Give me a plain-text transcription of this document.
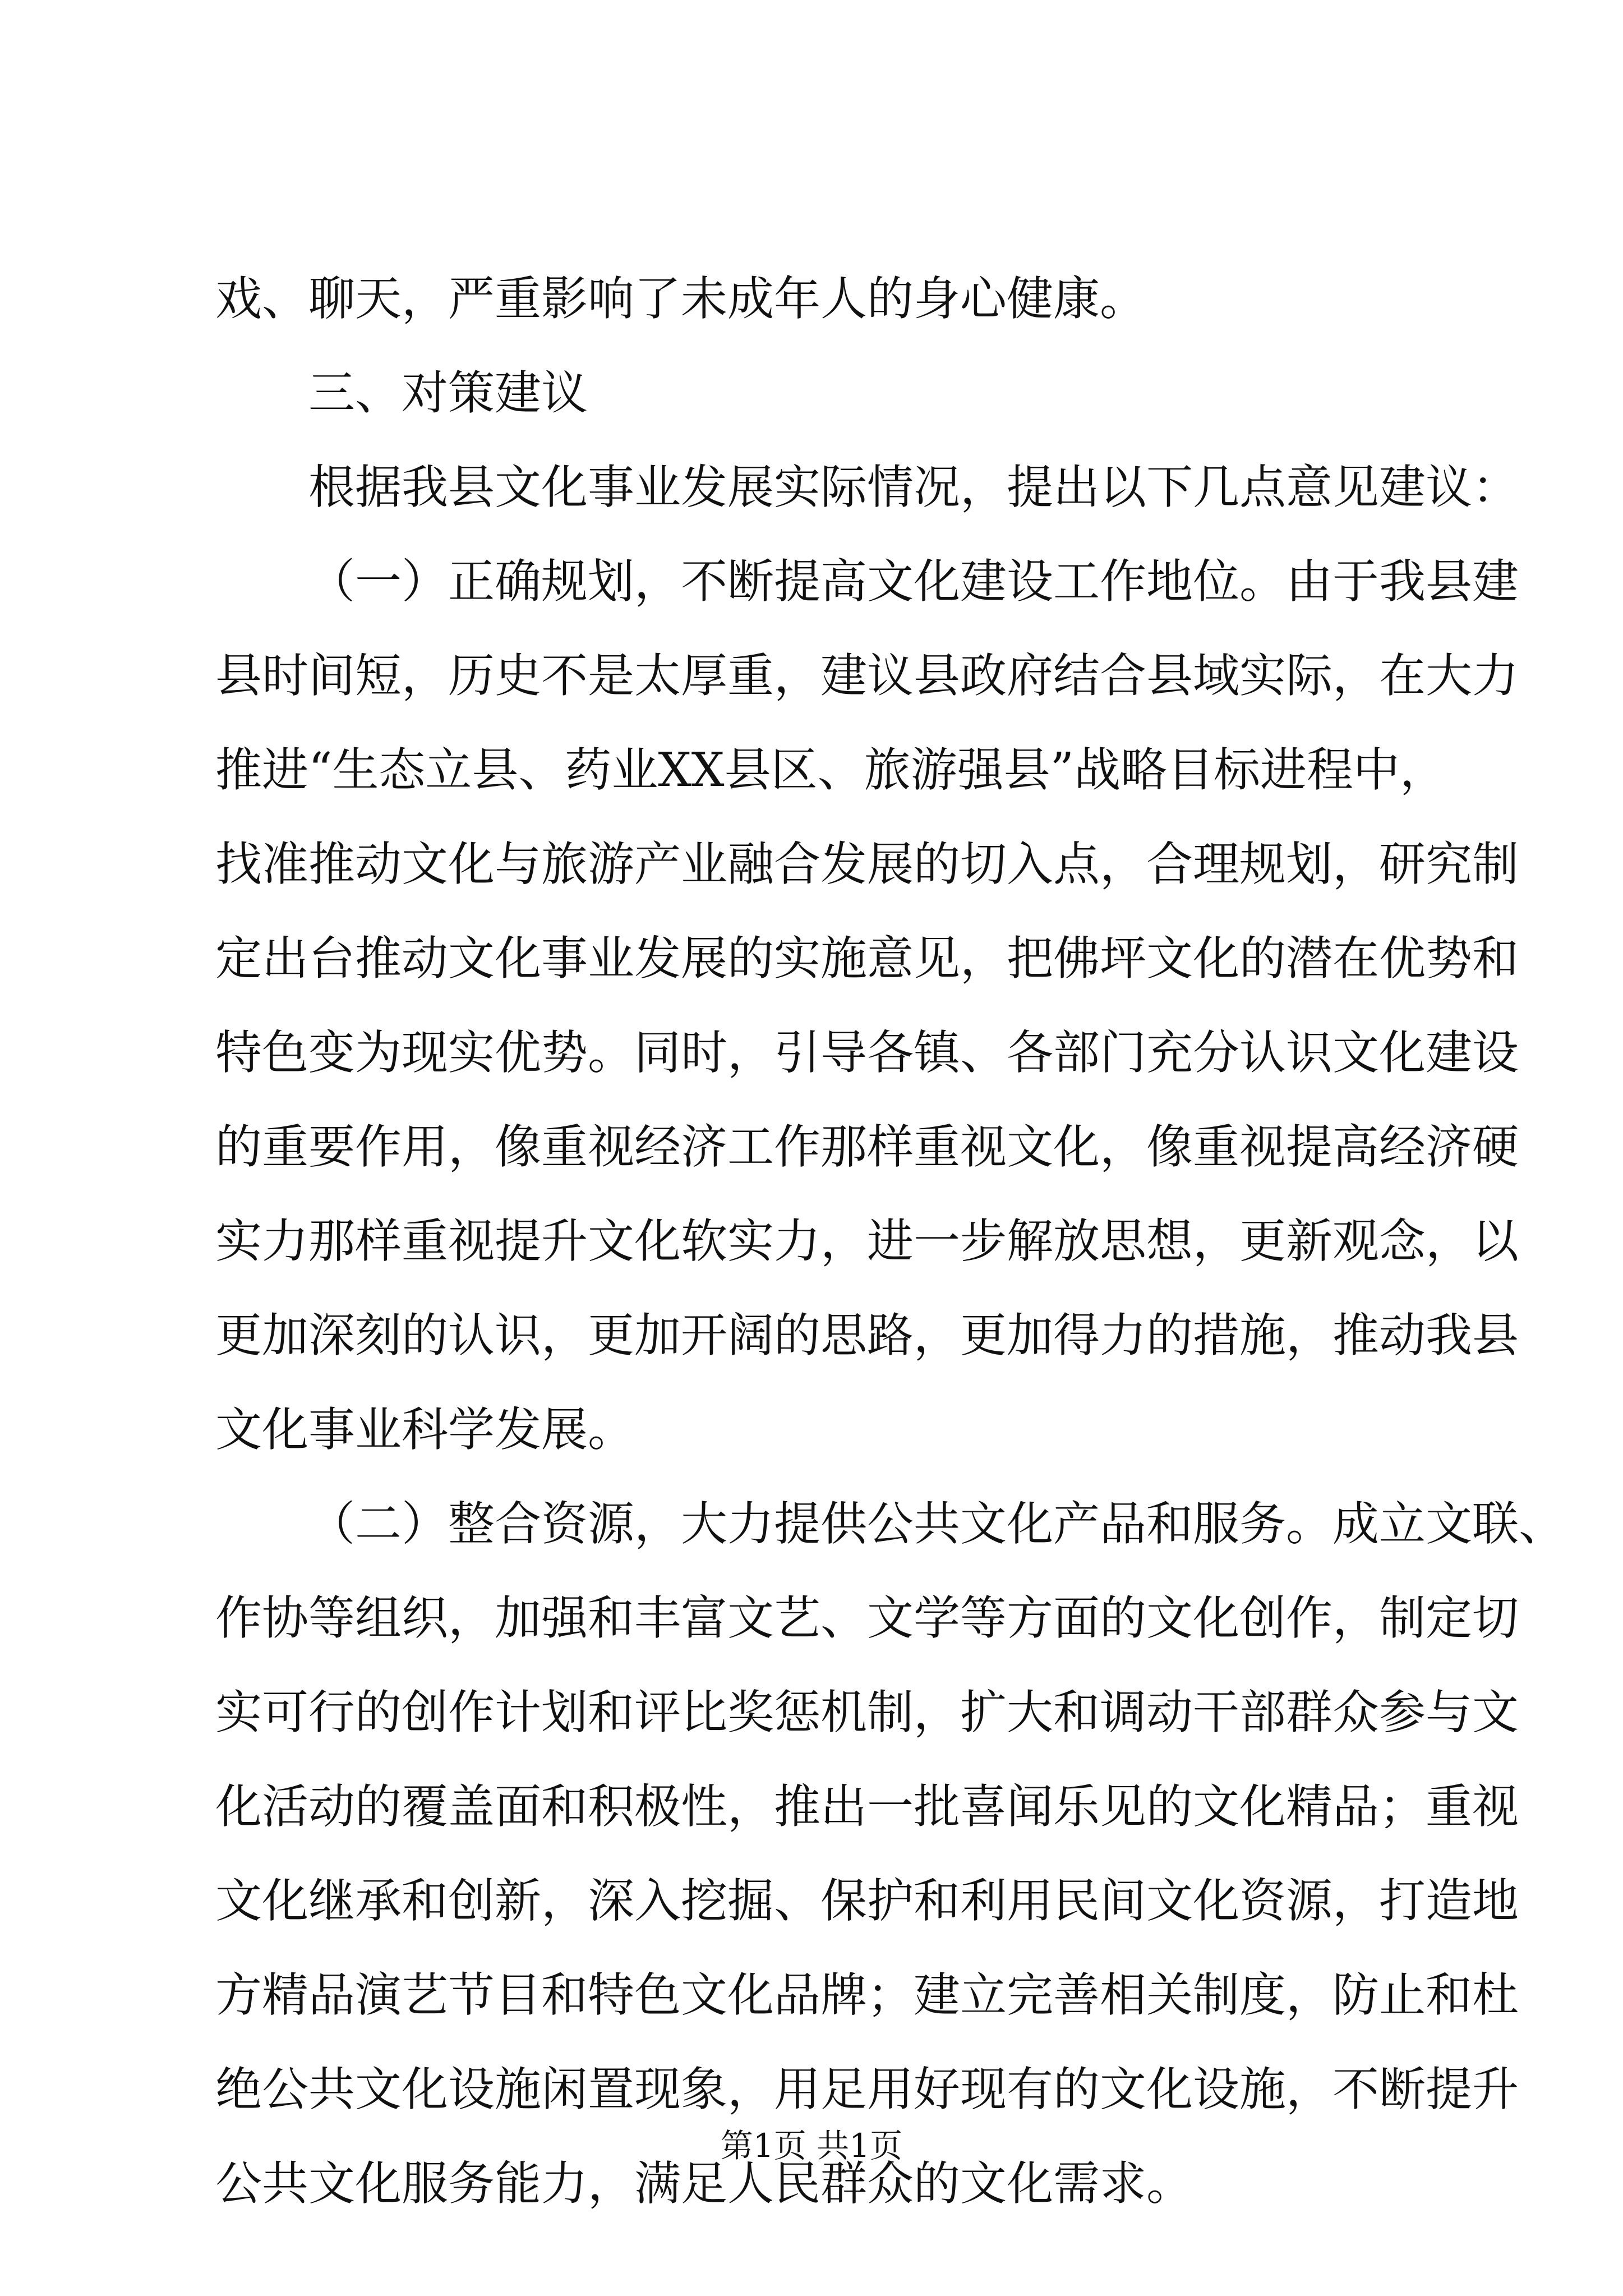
戏、聊天，严重影响了未成年人的身心健康。
三、对策建议
根据我县文化事业发展实际情况，提出以下几点意见建议：
（一）正确规划，不断提高文化建设工作地位。由于我县建
县时间短，历史不是太厚重，建议县政府结合县域实际，在大力
推进“生态立县、药业XX县区、旅游强县”战略目标进程中，
找准推动文化与旅游产业融合发展的切入点，合理规划，研究制
定出台推动文化事业发展的实施意见，把佛坪文化的潜在优势和
特色变为现实优势。同时，引导各镇、各部门充分认识文化建设
的重要作用，像重视经济工作那样重视文化，像重视提高经济硬
实力那样重视提升文化软实力，进一步解放思想，更新观念，以
更加深刻的认识，更加开阔的思路，更加得力的措施，推动我县
文化事业科学发展。
（二）整合资源，大力提供公共文化产品和服务。成立文联、
作协等组织，加强和丰富文艺、文学等方面的文化创作，制定切
实可行的创作计划和评比奖惩机制，扩大和调动干部群众参与文
化活动的覆盖面和积极性，推出一批喜闻乐见的文化精品；重视
文化继承和创新，深入挖掘、保护和利用民间文化资源，打造地
方精品演艺节目和特色文化品牌；建立完善相关制度，防止和杜
绝公共文化设施闲置现象，用足用好现有的文化设施，不断提升
公共文化服务能力，满足人民群众的文化需求。
第1页 共1页
